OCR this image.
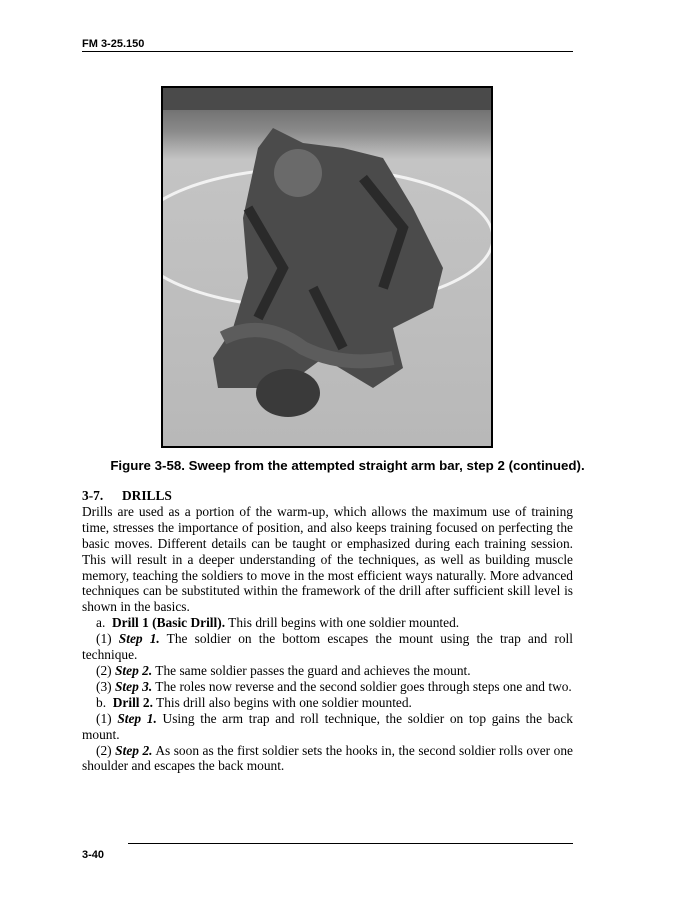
FM 3-25.150
Figure 3-58. Sweep from the attempted straight arm bar, step 2 (continued).

3-7. DRILLS

Drills are used as a portion of the warm-up, which allows the maximum use of training time, stresses the importance of position, and also keeps training focused on perfecting the basic moves. Different details can be taught or emphasized during each training session. This will result in a deeper understanding of the techniques, as well as building muscle memory, teaching the soldiers to move in the most efficient ways naturally. More advanced techniques can be substituted within the framework of the drill after sufficient skill level is shown in the basics.

a. Drill 1 (Basic Drill). This drill begins with one soldier mounted.

(1) Step 1. The soldier on the bottom escapes the mount using the trap and roll technique.

(2) Step 2. The same soldier passes the guard and achieves the mount.

(3) Step 3. The roles now reverse and the second soldier goes through steps one and two.

b. Drill 2. This drill also begins with one soldier mounted.

(1) Step 1. Using the arm trap and roll technique, the soldier on top gains the back mount.

(2) Step 2. As soon as the first soldier sets the hooks in, the second soldier rolls over one shoulder and escapes the back mount.

3-40
